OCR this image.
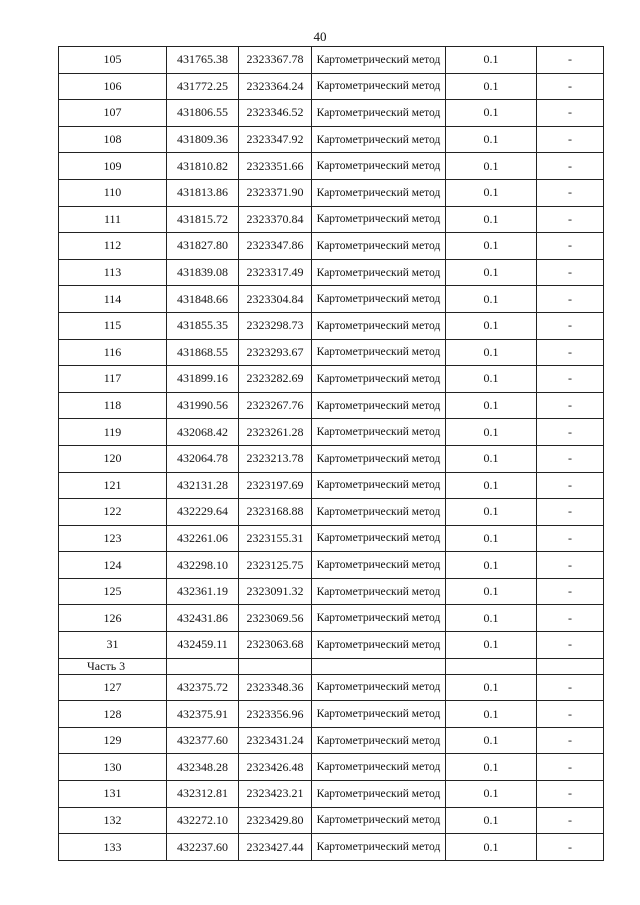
40
105	431765.38	2323367.78	Картометрический метод	0.1	-
106	431772.25	2323364.24	Картометрический метод	0.1	-
107	431806.55	2323346.52	Картометрический метод	0.1	-
108	431809.36	2323347.92	Картометрический метод	0.1	-
109	431810.82	2323351.66	Картометрический метод	0.1	-
110	431813.86	2323371.90	Картометрический метод	0.1	-
111	431815.72	2323370.84	Картометрический метод	0.1	-
112	431827.80	2323347.86	Картометрический метод	0.1	-
113	431839.08	2323317.49	Картометрический метод	0.1	-
114	431848.66	2323304.84	Картометрический метод	0.1	-
115	431855.35	2323298.73	Картометрический метод	0.1	-
116	431868.55	2323293.67	Картометрический метод	0.1	-
117	431899.16	2323282.69	Картометрический метод	0.1	-
118	431990.56	2323267.76	Картометрический метод	0.1	-
119	432068.42	2323261.28	Картометрический метод	0.1	-
120	432064.78	2323213.78	Картометрический метод	0.1	-
121	432131.28	2323197.69	Картометрический метод	0.1	-
122	432229.64	2323168.88	Картометрический метод	0.1	-
123	432261.06	2323155.31	Картометрический метод	0.1	-
124	432298.10	2323125.75	Картометрический метод	0.1	-
125	432361.19	2323091.32	Картометрический метод	0.1	-
126	432431.86	2323069.56	Картометрический метод	0.1	-
31	432459.11	2323063.68	Картометрический метод	0.1	-
Часть 3					
127	432375.72	2323348.36	Картометрический метод	0.1	-
128	432375.91	2323356.96	Картометрический метод	0.1	-
129	432377.60	2323431.24	Картометрический метод	0.1	-
130	432348.28	2323426.48	Картометрический метод	0.1	-
131	432312.81	2323423.21	Картометрический метод	0.1	-
132	432272.10	2323429.80	Картометрический метод	0.1	-
133	432237.60	2323427.44	Картометрический метод	0.1	-
